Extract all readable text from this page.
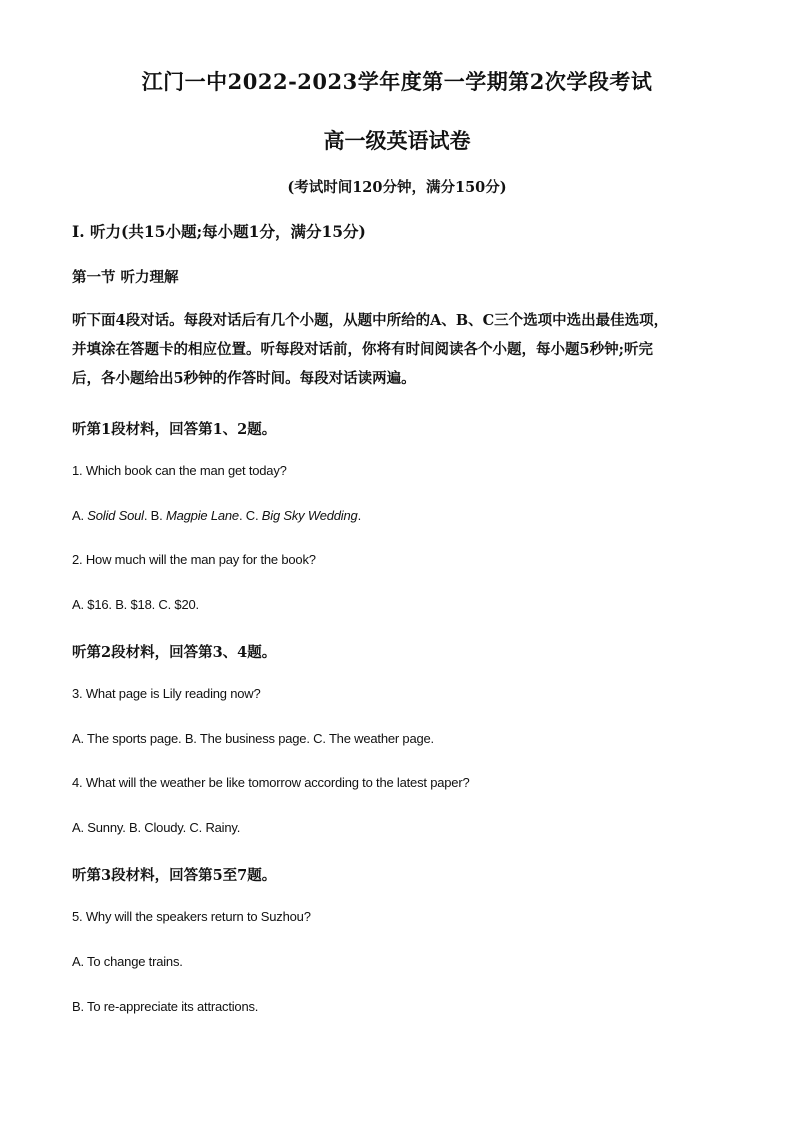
江门一中2022-2023学年度第一学期第2次学段考试
高一级英语试卷
(考试时间120分钟，满分150分)
Ⅰ. 听力(共15小题;每小题1分，满分15分)
第一节 听力理解
听下面4段对话。每段对话后有几个小题，从题中所给的A、B、C三个选项中选出最佳选项，
并填涂在答题卡的相应位置。听每段对话前，你将有时间阅读各个小题，每小题5秒钟;听完
后，各小题给出5秒钟的作答时间。每段对话读两遍。
听第1段材料，回答第1、2题。
1. Which book can the man get today?
A. Solid Soul. B. Magpie Lane. C. Big Sky Wedding.
2. How much will the man pay for the book?
A. $16. B. $18. C. $20.
听第2段材料，回答第3、4题。
3. What page is Lily reading now?
A. The sports page. B. The business page. C. The weather page.
4. What will the weather be like tomorrow according to the latest paper?
A. Sunny. B. Cloudy. C. Rainy.
听第3段材料，回答第5至7题。
5. Why will the speakers return to Suzhou?
A. To change trains.
B. To re-appreciate its attractions.
